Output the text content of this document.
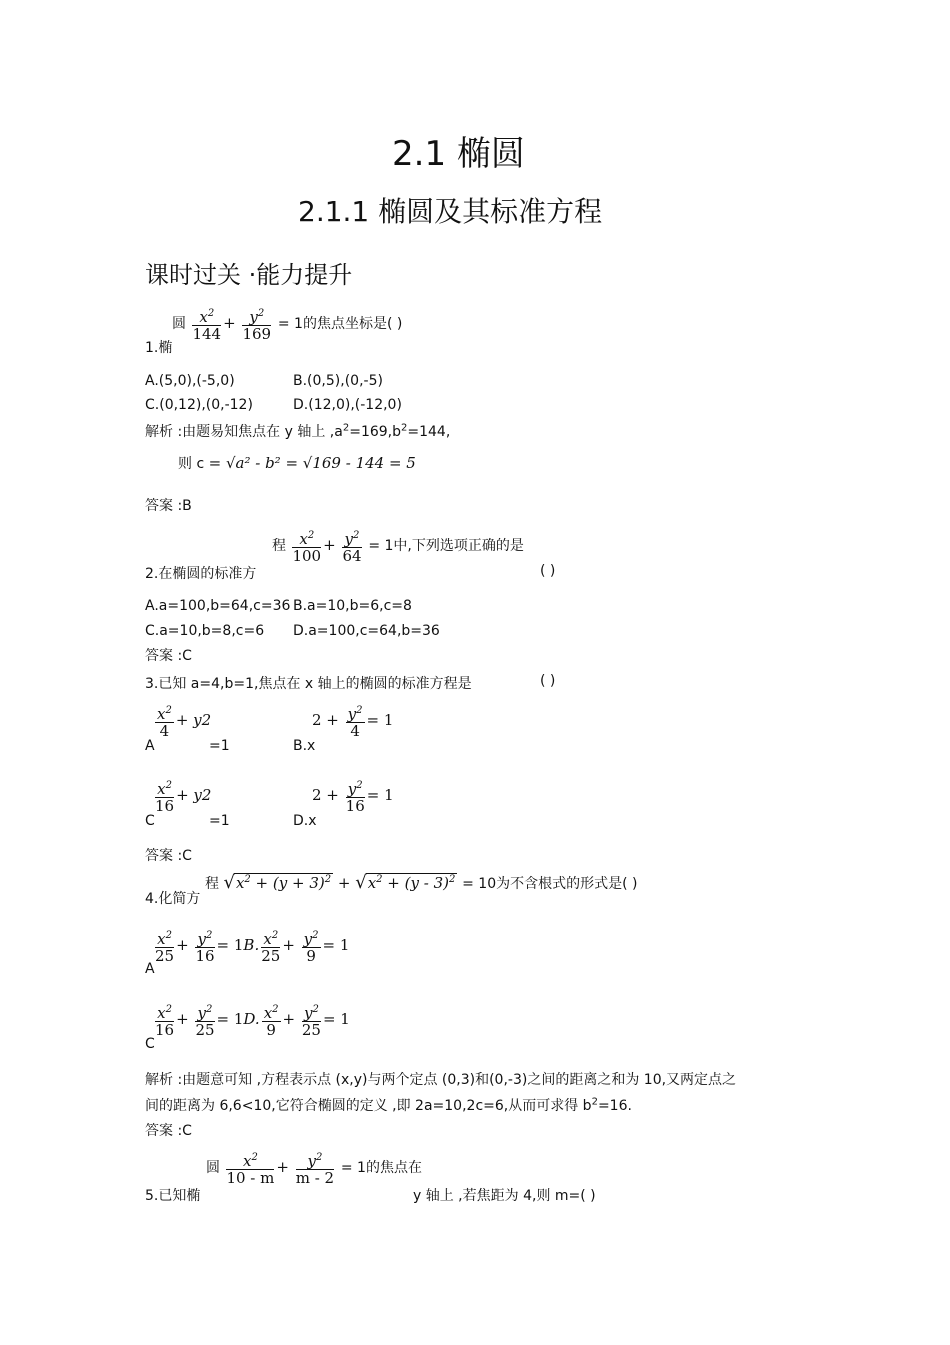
2.1 椭圆
2.1.1 椭圆及其标准方程
课时过关 ·能力提升
圆 $\frac{x^2}{144} + \frac{y^2}{169} = 1$的焦点坐标是( )
1.椭
A.(5,0),(-5,0)	B.(0,5),(0,-5)
C.(0,12),(0,-12)	D.(12,0),(-12,0)
解析 :由题易知焦点在 y 轴上 $,a^2=169,b^2=144$,
则 c = √a² - b² = √169 - 144 = 5
答案 :B
程 $\frac{x^2}{100} + \frac{y^2}{64} = 1$中,下列选项正确的是
2.在椭圆的标准方	( )
A.a=100,b=64,c=36 B.a=10,b=6,c=8
C.a=10,b=8,c=6 D.a=100,c=64,b=36
答案 :C
3.已知 a=4,b=1,焦点在 x 轴上的椭圆的标准方程是	( )
$\frac{x^2}{4} + y2$
A	=1
$2 + \frac{y^2}{4} = 1$
B.x
$\frac{x^2}{16} + y2$
C	=1
$2 + \frac{y^2}{16} = 1$
D.x
答案 :C
程 $√x^2 + (y + 3)^2 + √x^2 + (y - 3)^2 = 10$为不含根式的形式是( )
4.化简方
$\frac{x^2}{25} + \frac{y^2}{16} = 1B$. $\frac{x^2}{25} + \frac{y^2}{9} = 1$
A
$\frac{x^2}{16} + \frac{y^2}{25} = 1D$. $\frac{x^2}{9} + \frac{y^2}{25} = 1$
C
解析 :由题意可知 ,方程表示点 (x,y)与两个定点 (0,3)和(0,-3)之间的距离之和为 10,又两定点之
间的距离为 6,6<10,它符合椭圆的定义 ,即 2a=10,2c=6,从而可求得 $b^2=16$.
答案 :C
圆 $\frac{x^2}{10 - m} + \frac{y^2}{m - 2} = 1$的焦点在
5.已知椭	y 轴上 ,若焦距为 4,则 m=( )
